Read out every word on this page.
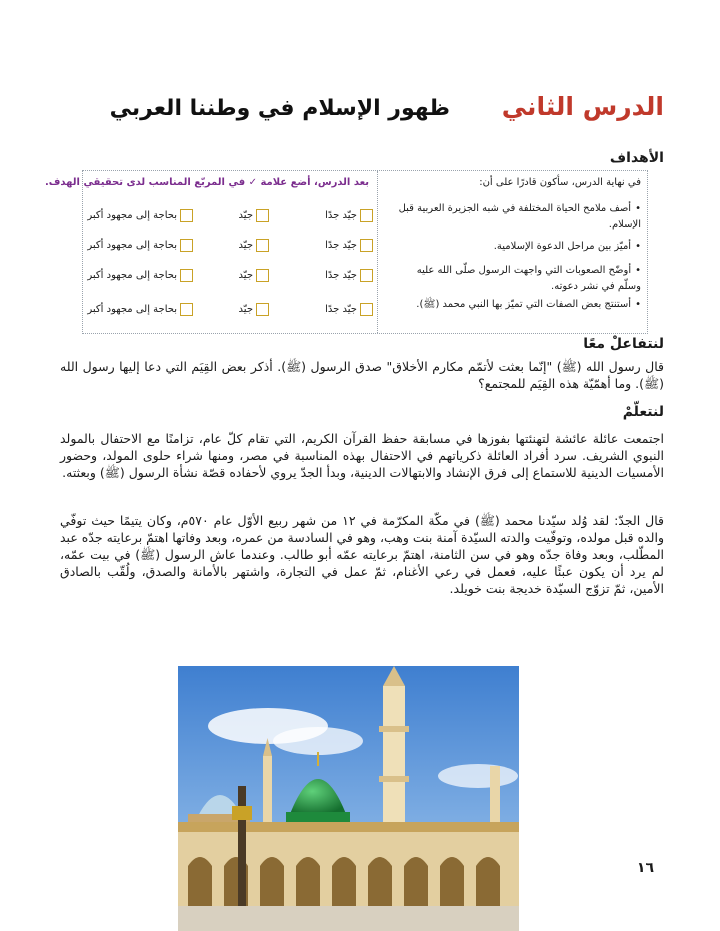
الدرس الثاني
ظهور الإسلام في وطننا العربي
الأهداف
في نهاية الدرس، سأكون قادرًا على أن:
بعد الدرس، أضع علامة ✓ في المربّع المناسب لدى تحقيقي الهدف.
•أصف ملامح الحياة المختلفة في شبه الجزيرة العربية قبل الإسلام.
•أميّز بين مراحل الدعوة الإسلامية.
•أوضّح الصعوبات التي واجهت الرسول صلّى الله عليه وسلّم في نشر دعوته.
•أستنتج بعض الصفات التي تميّز بها النبي محمد (ﷺ).
جيّد جدًا
جيّد
بحاجة إلى مجهود أكبر
جيّد جدًا
جيّد
بحاجة إلى مجهود أكبر
جيّد جدًا
جيّد
بحاجة إلى مجهود أكبر
جيّد جدًا
جيّد
بحاجة إلى مجهود أكبر
لنتفاعلْ معًا
قال رسول الله (ﷺ) "إنّما بعثت لأتمّم مكارم الأخلاق" صدق الرسول (ﷺ). أذكر بعض القِيَم التي دعا إليها رسول الله (ﷺ). وما أهمّيّة هذه القِيَم للمجتمع؟
لنتعلّمْ
اجتمعت عائلة عائشة لتهنئتها بفوزها في مسابقة حفظ القرآن الكريم، التي تقام كلّ عام، تزامنًا مع الاحتفال بالمولد النبوي الشريف. سرد أفراد العائلة ذكرياتهم في الاحتفال بهذه المناسبة في مصر، ومنها شراء حلوى المولد، وحضور الأمسيات الدينية للاستماع إلى فرق الإنشاد والابتهالات الدينية، وبدأ الجدّ يروي لأحفاده قصّة نشأة الرسول (ﷺ) وبعثته.
قال الجدّ: لقد وُلد سيّدنا محمد (ﷺ) في مكّة المكرّمة في ١٢ من شهر ربيع الأوّل عام ٥٧٠م، وكان يتيمًا حيث توفّي والده قبل مولده، وتوفّيت والدته السيّدة آمنة بنت وهب، وهو في السادسة من عمره، وبعد وفاتها اهتمّ برعايته جدّه عبد المطّلب، وبعد وفاة جدّه وهو في سن الثامنة، اهتمّ برعايته عمّه أبو طالب. وعندما عاش الرسول (ﷺ) في بيت عمّه، لم يرد أن يكون عبئًا عليه، فعمل في رعي الأغنام، ثمّ عمل في التجارة، واشتهر بالأمانة والصدق، ولُقّب بالصادق الأمين، ثمّ تزوّج السيّدة خديجة بنت خويلد.
١٦
